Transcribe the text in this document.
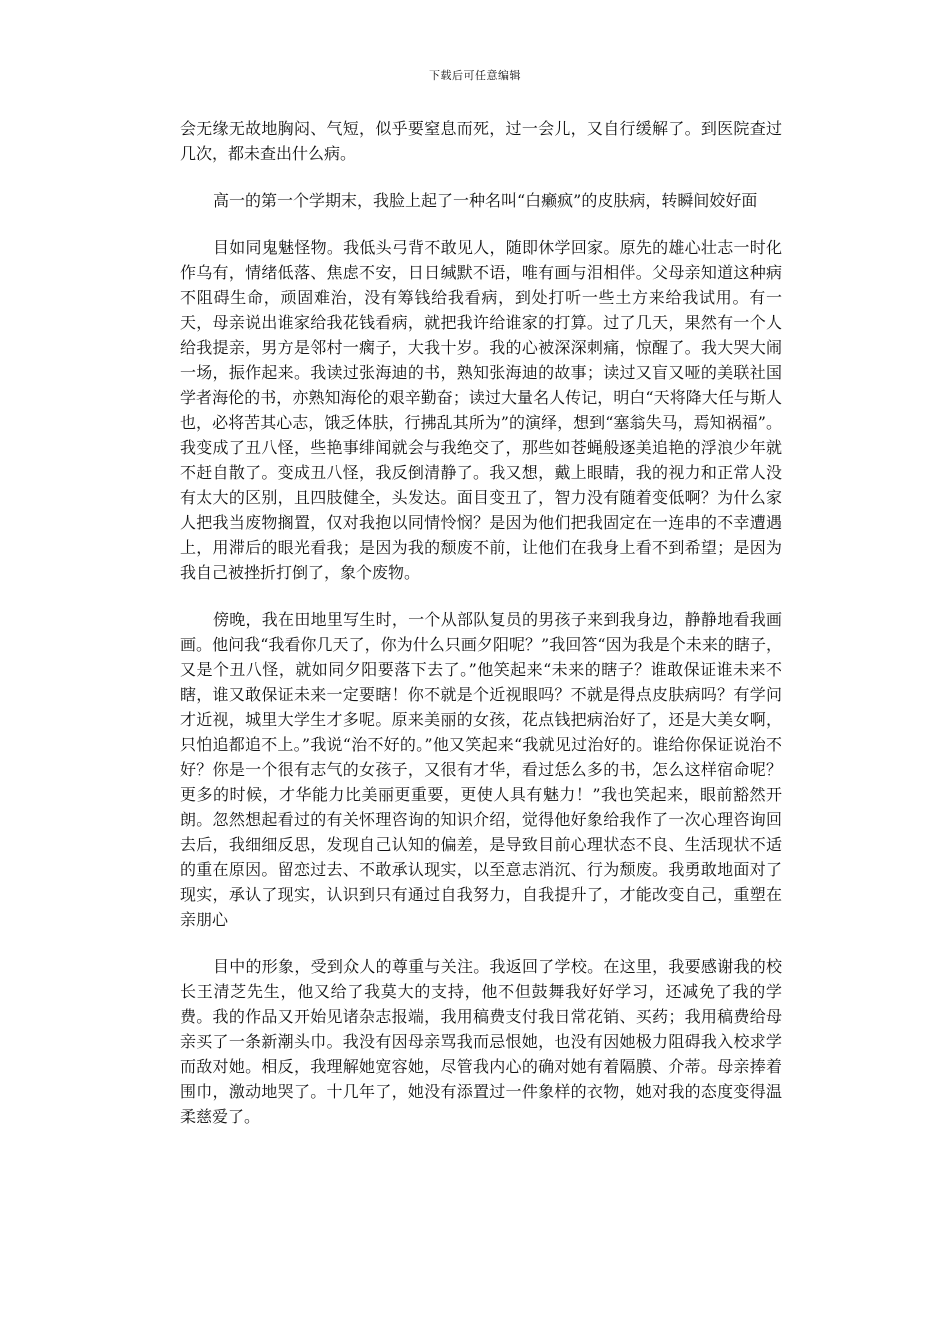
下载后可任意编辑

会无缘无故地胸闷、气短，似乎要窒息而死，过一会儿，又自行缓解了。到医院查过几次，都未查出什么病。

高一的第一个学期末，我脸上起了一种名叫“白癞疯”的皮肤病，转瞬间姣好面

目如同鬼魅怪物。我低头弓背不敢见人，随即休学回家。原先的雄心壮志一时化作乌有，情绪低落、焦虑不安，日日缄默不语，唯有画与泪相伴。父母亲知道这种病不阻碍生命，顽固难治，没有筹钱给我看病，到处打听一些土方来给我试用。有一天，母亲说出谁家给我花钱看病，就把我许给谁家的打算。过了几天，果然有一个人给我提亲，男方是邻村一瘸子，大我十岁。我的心被深深刺痛，惊醒了。我大哭大闹一场，振作起来。我读过张海迪的书，熟知张海迪的故事；读过又盲又哑的美联社国学者海伦的书，亦熟知海伦的艰辛勤奋；读过大量名人传记，明白“天将降大任与斯人也，必将苦其心志，饿乏体肤，行拂乱其所为”的演绎，想到“塞翁失马，焉知祸福”。我变成了丑八怪，些艳事绯闻就会与我绝交了，那些如苍蝇般逐美追艳的浮浪少年就不赶自散了。变成丑八怪，我反倒清静了。我又想，戴上眼睛，我的视力和正常人没有太大的区别，且四肢健全，头发达。面目变丑了，智力没有随着变低啊？为什么家人把我当废物搁置，仅对我抱以同情怜悯？是因为他们把我固定在一连串的不幸遭遇上，用滞后的眼光看我；是因为我的颓废不前，让他们在我身上看不到希望；是因为我自己被挫折打倒了，象个废物。

傍晚，我在田地里写生时，一个从部队复员的男孩子来到我身边，静静地看我画画。他问我“我看你几天了，你为什么只画夕阳呢？”我回答“因为我是个未来的瞎子，又是个丑八怪，就如同夕阳要落下去了。”他笑起来“未来的瞎子？谁敢保证谁未来不瞎，谁又敢保证未来一定要瞎！你不就是个近视眼吗？不就是得点皮肤病吗？有学问才近视，城里大学生才多呢。原来美丽的女孩，花点钱把病治好了，还是大美女啊，只怕追都追不上。”我说“治不好的。”他又笑起来“我就见过治好的。谁给你保证说治不好？你是一个很有志气的女孩子，又很有才华，看过恁么多的书，怎么这样宿命呢？更多的时候，才华能力比美丽更重要，更使人具有魅力！”我也笑起来，眼前豁然开朗。忽然想起看过的有关怀理咨询的知识介绍，觉得他好象给我作了一次心理咨询回去后，我细细反思，发现自己认知的偏差，是导致目前心理状态不良、生活现状不适的重在原因。留恋过去、不敢承认现实，以至意志消沉、行为颓废。我勇敢地面对了现实，承认了现实，认识到只有通过自我努力，自我提升了，才能改变自己，重塑在亲朋心

目中的形象，受到众人的尊重与关注。我返回了学校。在这里，我要感谢我的校长王清芝先生，他又给了我莫大的支持，他不但鼓舞我好好学习，还减免了我的学费。我的作品又开始见诸杂志报端，我用稿费支付我日常花销、买药；我用稿费给母亲买了一条新潮头巾。我没有因母亲骂我而忌恨她，也没有因她极力阻碍我入校求学而敌对她。相反，我理解她宽容她，尽管我内心的确对她有着隔膜、介蒂。母亲捧着围巾，激动地哭了。十几年了，她没有添置过一件象样的衣物，她对我的态度变得温柔慈爱了。
